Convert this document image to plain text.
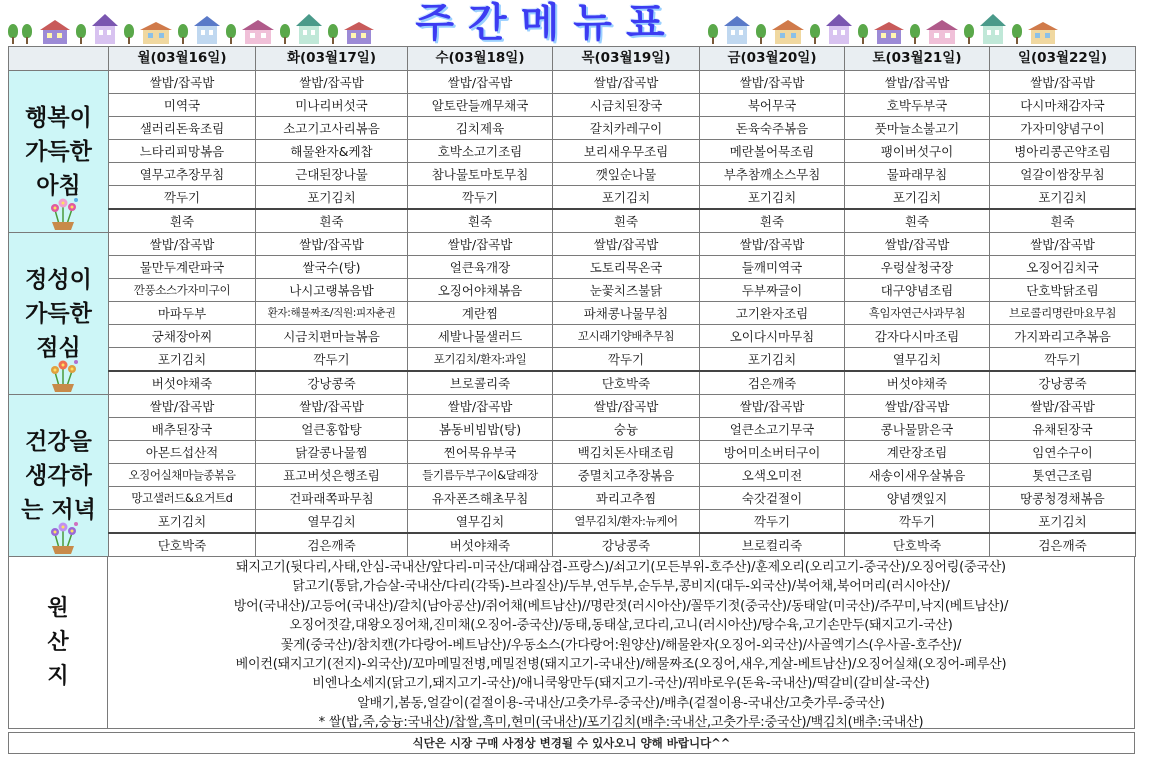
주간메뉴표
	월(03월16일)	화(03월17일)	수(03월18일)	목(03월19일)	금(03월20일)	토(03월21일)	일(03월22일)

행복이
가득한
아침	쌀밥/잡곡밥	쌀밥/잡곡밥	쌀밥/잡곡밥	쌀밥/잡곡밥	쌀밥/잡곡밥	쌀밥/잡곡밥	쌀밥/잡곡밥
	미역국	미나리버섯국	알토란들깨무채국	시금치된장국	북어무국	호박두부국	다시마채감자국
	샐러리돈육조림	소고기고사리볶음	김치제육	갈치카레구이	돈육숙주볶음	풋마늘소불고기	가자미양념구이
	느타리피망볶음	해물완자&케찹	호박소고기조림	보리새우무조림	메란볼어묵조림	팽이버섯구이	병아리콩곤약조림
	열무고추장무침	근대된장나물	참나물토마토무침	깻잎순나물	부추참깨소스무침	물파래무침	얼갈이쌈장무침
	깍두기	포기김치	깍두기	포기김치	포기김치	포기김치	포기김치
	흰죽	흰죽	흰죽	흰죽	흰죽	흰죽	흰죽

정성이
가득한
점심	쌀밥/잡곡밥	쌀밥/잡곡밥	쌀밥/잡곡밥	쌀밥/잡곡밥	쌀밥/잡곡밥	쌀밥/잡곡밥	쌀밥/잡곡밥
	물만두계란파국	쌀국수(탕)	얼큰육개장	도토리묵온국	들깨미역국	우렁살청국장	오징어김치국
	깐풍소스가자미구이	나시고랭볶음밥	오징어야채볶음	눈꽃치즈불닭	두부짜글이	대구양념조림	단호박닭조림
	마파두부	환자:해물짜조/직원:피자춘권	계란찜	파채콩나물무침	고기완자조림	흑임자연근사과무침	브로콜리명란마요무침
	궁채장아찌	시금치편마늘볶음	세발나물샐러드	꼬시래기양배추무침	오이다시마무침	감자다시마조림	가지꽈리고추볶음
	포기김치	깍두기	포기김치/환자:과일	깍두기	포기김치	열무김치	깍두기
	버섯야채죽	강낭콩죽	브로콜리죽	단호박죽	검은깨죽	버섯야채죽	강낭콩죽

건강을
생각하
는 저녁	쌀밥/잡곡밥	쌀밥/잡곡밥	쌀밥/잡곡밥	쌀밥/잡곡밥	쌀밥/잡곡밥	쌀밥/잡곡밥	쌀밥/잡곡밥
	배추된장국	얼큰홍합탕	봄동비빔밥(탕)	숭늉	얼큰소고기무국	콩나물맑은국	유채된장국
	아몬드섭산적	닭갈콩나물찜	찐어묵유부국	백김치돈사태조림	방어미소버터구이	계란장조림	임연수구이
	오징어실채마늘종볶음	표고버섯은행조림	들기름두부구이&달래장	중멸치고추장볶음	오색오미전	새송이새우살볶음	톳연근조림
	망고샐러드&요거트d	건파래쪽파무침	유자폰즈해초무침	꽈리고추찜	숙갓겉절이	양념깻잎지	땅콩청경채볶음
	포기김치	열무김치	열무김치	열무김치/환자:뉴케어	깍두기	깍두기	포기김치
	단호박죽	검은깨죽	버섯야채죽	강낭콩죽	브로컬리죽	단호박죽	검은깨죽
원
산
지
돼지고기(뒷다리,사태,안심-국내산/앞다리-미국산/대패삼겹-프랑스)/쇠고기(모든부위-호주산)/훈제오리(오리고기-중국산)/오징어링(중국산)
닭고기(통닭,가슴살-국내산/다리(각뚝)-브라질산)/두부,연두부,순두부,콩비지(대두-외국산)/북어채,북어머리(러시아산)/
방어(국내산)/고등어(국내산)/갈치(남아공산)/쥐어채(베트남산)//명란젓(러시아산)/꼴뚜기젓(중국산)/동태알(미국산)/주꾸미,낙지(베트남산)/
오징어젓갈,대왕오징어채,진미채(오징어-중국산)/동태,동태살,코다리,고니(러시아산)/탕수육,고기손만두(돼지고기-국산)
꽃게(중국산)/참치캔(가다랑어-베트남산)/우동소스(가다랑어:원양산)/해물완자(오징어-외국산)/사골엑기스(우사골-호주산)/
베이컨(돼지고기(전지)-외국산)/꼬마메밀전병,메밀전병(돼지고기-국내산)/해물짜조(오징어,새우,게살-베트남산)/오징어실채(오징어-페루산)
비엔나소세지(닭고기,돼지고기-국산)/애니쿡왕만두(돼지고기-국산)/꿔바로우(돈육-국내산)/떡갈비(갈비살-국산)
알배기,봄동,얼갈이(겉절이용-국내산/고춧가루-중국산)/배추(겉절이용-국내산/고춧가루-중국산)
* 쌀(밥,죽,숭늉:국내산)/찹쌀,흑미,현미(국내산)/포기김치(배추:국내산,고춧가루:중국산)/백김치(배추:국내산)
식단은 시장 구매 사정상 변경될 수 있사오니 양해 바랍니다^^
